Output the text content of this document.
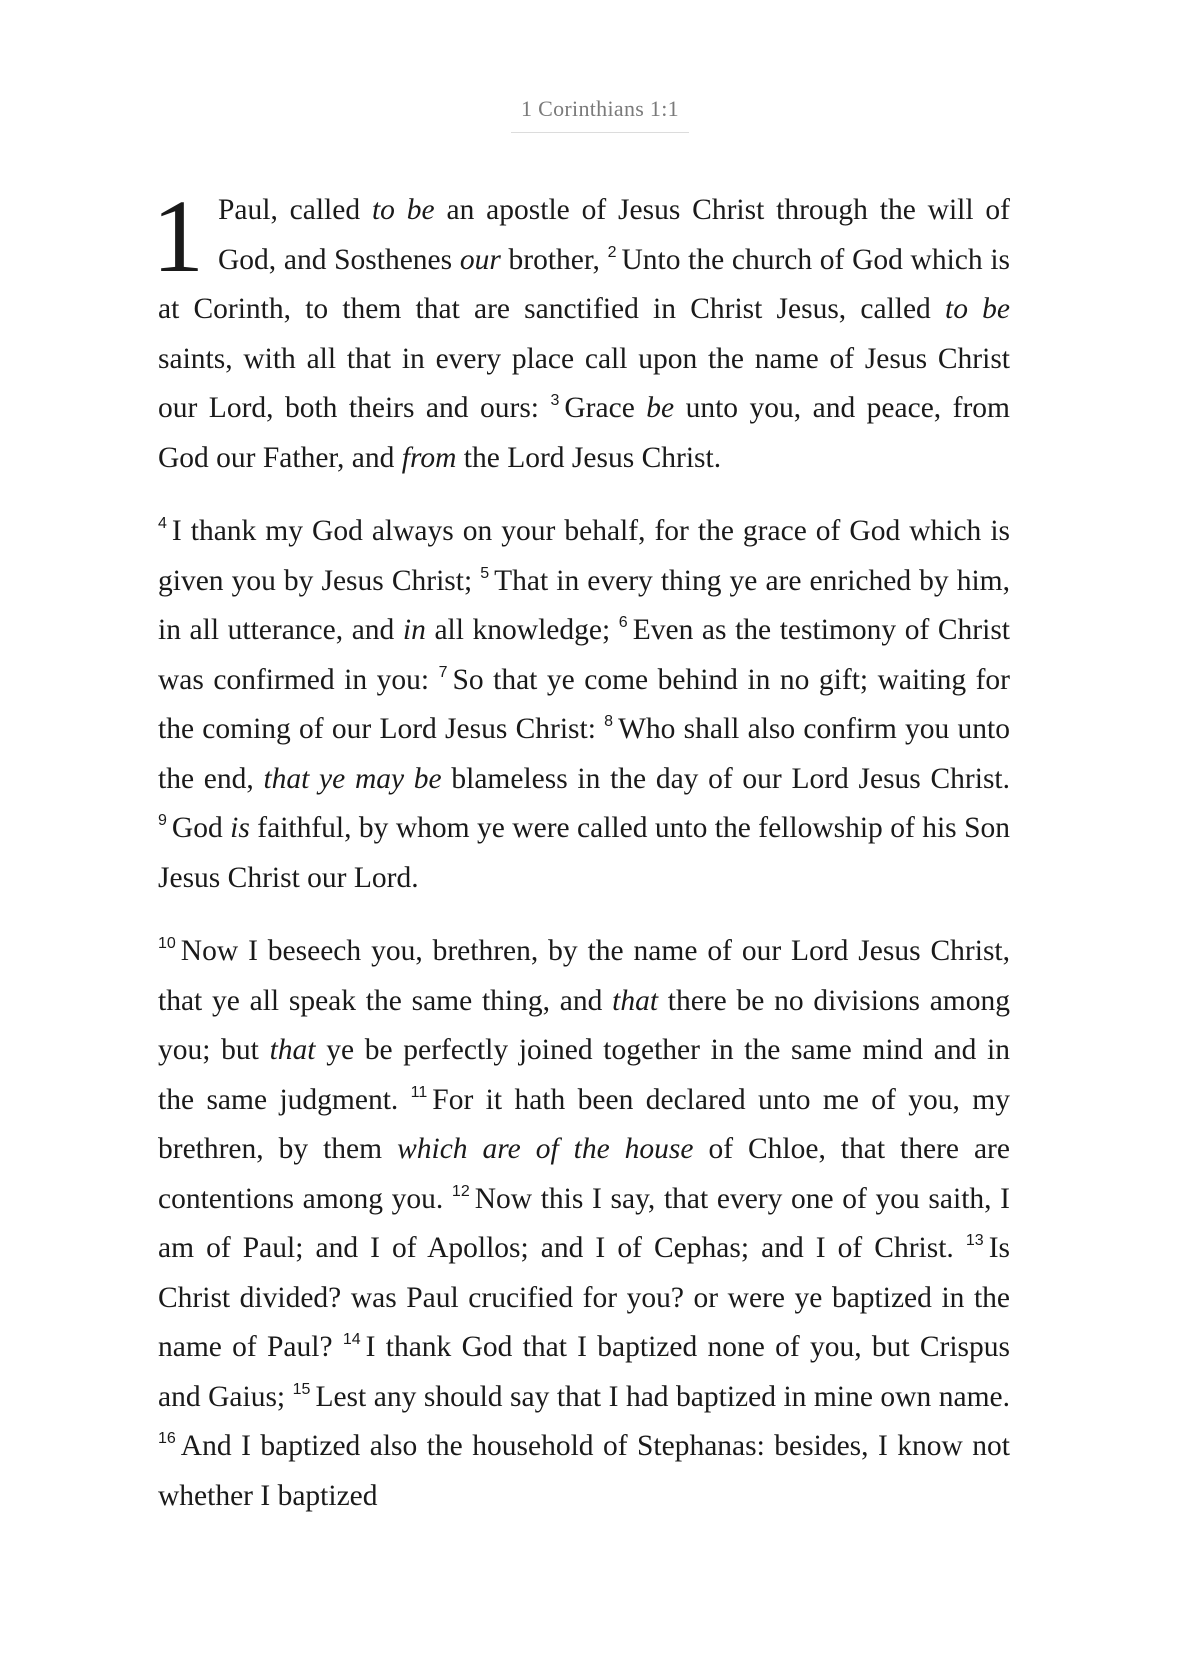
1 Corinthians 1:1

1 Paul, called to be an apostle of Jesus Christ through the will of God, and Sosthenes our brother, $^2$ Unto the church of God which is at Corinth, to them that are sanctified in Christ Jesus, called to be saints, with all that in every place call upon the name of Jesus Christ our Lord, both theirs and ours: $^3$ Grace be unto you, and peace, from God our Father, and from the Lord Jesus Christ.

$^4$ I thank my God always on your behalf, for the grace of God which is given you by Jesus Christ; $^5$ That in every thing ye are enriched by him, in all utterance, and in all knowledge; $^6$ Even as the testimony of Christ was confirmed in you: $^7$ So that ye come behind in no gift; waiting for the coming of our Lord Jesus Christ: $^8$ Who shall also confirm you unto the end, that ye may be blameless in the day of our Lord Jesus Christ. $^9$ God is faithful, by whom ye were called unto the fellowship of his Son Jesus Christ our Lord.

$^{10}$ Now I beseech you, brethren, by the name of our Lord Jesus Christ, that ye all speak the same thing, and that there be no divisions among you; but that ye be perfectly joined together in the same mind and in the same judgment. $^{11}$ For it hath been declared unto me of you, my brethren, by them which are of the house of Chloe, that there are contentions among you. $^{12}$ Now this I say, that every one of you saith, I am of Paul; and I of Apollos; and I of Cephas; and I of Christ. $^{13}$ Is Christ divided? was Paul crucified for you? or were ye baptized in the name of Paul? $^{14}$ I thank God that I baptized none of you, but Crispus and Gaius; $^{15}$ Lest any should say that I had baptized in mine own name. $^{16}$ And I baptized also the household of Stephanas: besides, I know not whether I baptized
